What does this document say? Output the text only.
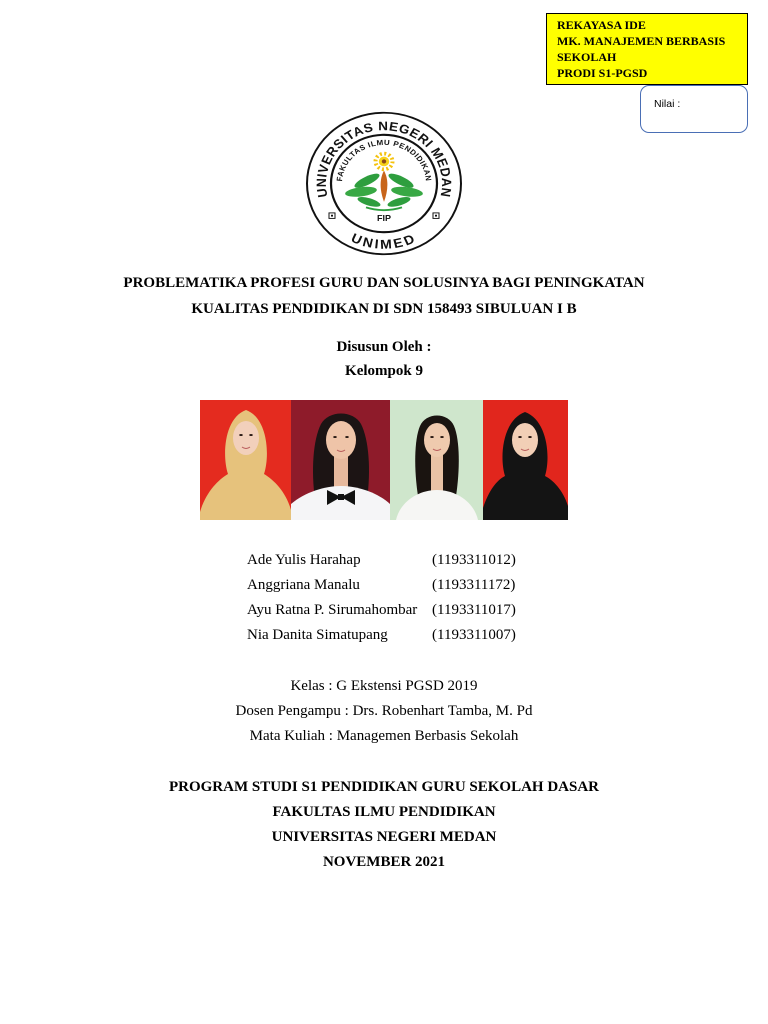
REKAYASA IDE
MK. MANAJEMEN BERBASIS
SEKOLAH
PRODI S1-PGSD
Nilai :
UNIVERSITAS NEGERI MEDAN
FAKULTAS ILMU PENDIDIKAN
UNIMED
FIP
PROBLEMATIKA PROFESI GURU DAN SOLUSINYA BAGI PENINGKATAN
KUALITAS PENDIDIKAN DI SDN 158493 SIBULUAN I B
Disusun Oleh :
Kelompok 9
Ade Yulis Harahap	(1193311012)
Anggriana Manalu	(1193311172)
Ayu Ratna P. Sirumahombar (1193311017)
Nia Danita Simatupang	(1193311007)
Kelas : G Ekstensi PGSD 2019
Dosen Pengampu : Drs. Robenhart Tamba, M. Pd
Mata Kuliah : Managemen Berbasis Sekolah
PROGRAM STUDI S1 PENDIDIKAN GURU SEKOLAH DASAR
FAKULTAS ILMU PENDIDIKAN
UNIVERSITAS NEGERI MEDAN
NOVEMBER 2021
